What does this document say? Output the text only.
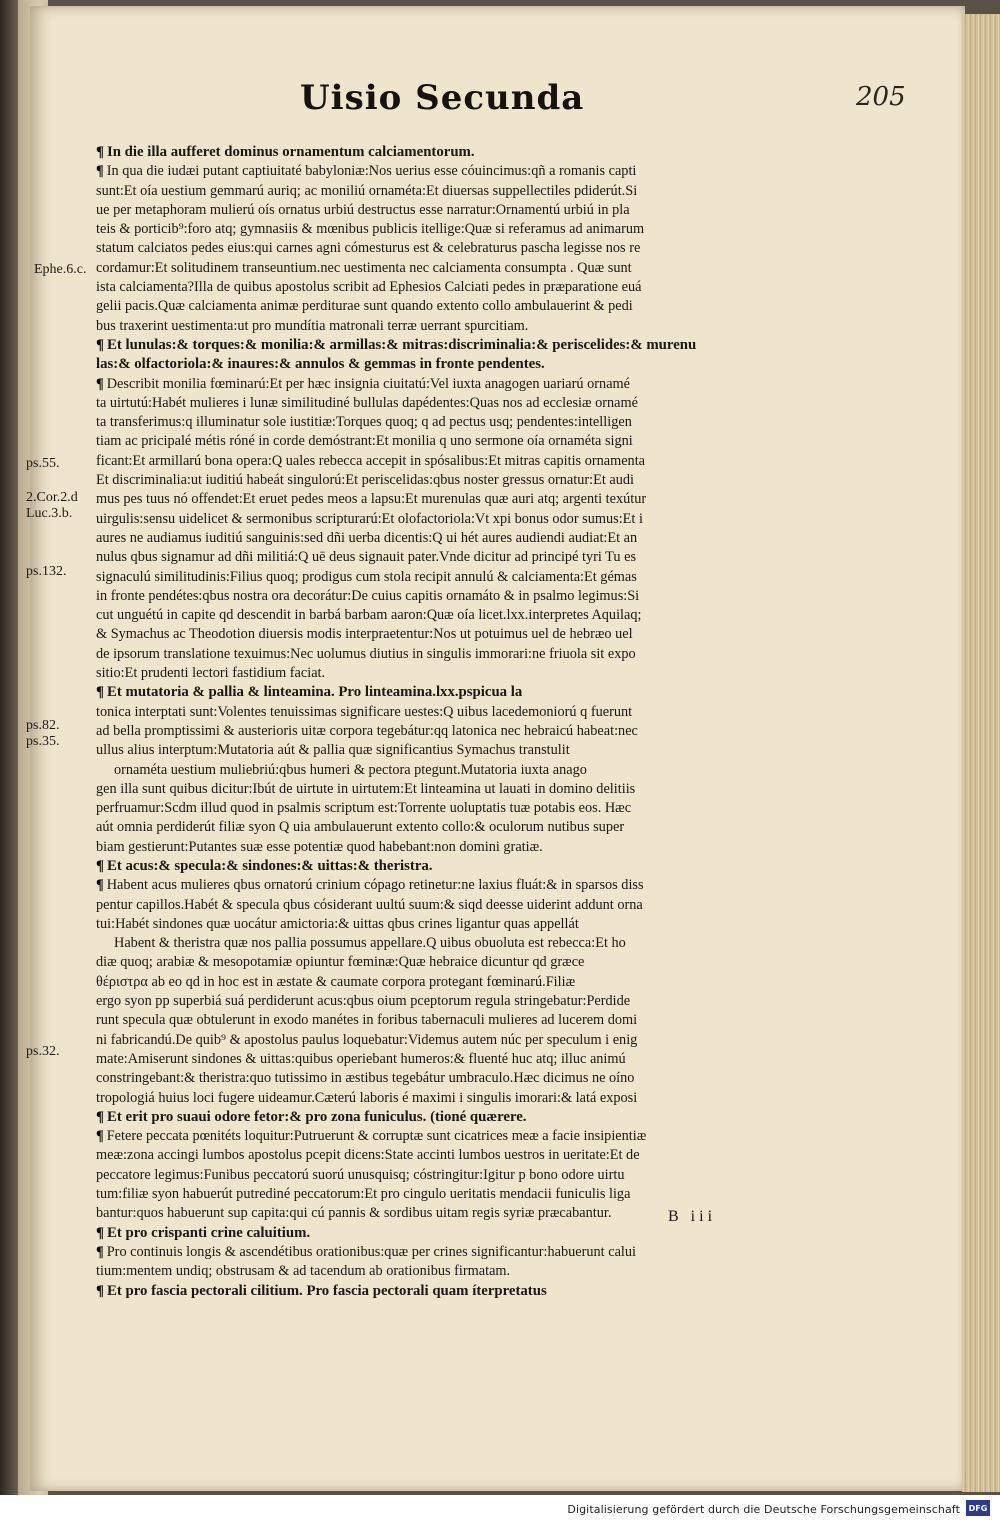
Uisio Secunda	205
Ephe.6.c.
ps.55.
2.Cor.2.d
Luc.3.b.
ps.132.
ps.82.
ps.35.
ps.32.
¶ In die illa aufferet dominus ornamentum calciamentorum.
¶ In qua die iudæi putant captiuitaté babyloniæ:Nos uerius esse cóuincimus:qñ a romanis capti
sunt:Et oía uestium gemmarú auriq; ac moniliú ornaméta:Et diuersas suppellectiles pdiderút.Si
ue per metaphoram mulierú oís ornatus urbiú destructus esse narratur:Ornamentú urbiú in pla
teis & porticib⁹:foro atq; gymnasiis & mœnibus publicis itellige:Quæ si referamus ad animarum
statum calciatos pedes eius:qui carnes agni cómesturus est & celebraturus pascha legisse nos re
cordamur:Et solitudinem transeuntium.nec uestimenta nec calciamenta consumpta . Quæ sunt
ista calciamenta?Illa de quibus apostolus scribit ad Ephesios Calciati pedes in præparatione euá
gelii pacis.Quæ calciamenta animæ perditurae sunt quando extento collo ambulauerint & pedi
bus traxerint uestimenta:ut pro mundítia matronali terræ uerrant spurcitiam.
¶ Et lunulas:& torques:& monilia:& armillas:& mitras:discriminalia:& periscelides:& murenu
las:& olfactoriola:& inaures:& annulos & gemmas in fronte pendentes.
¶ Describit monilia fœminarú:Et per hæc insignia ciuitatú:Vel iuxta anagogen uariarú ornamé
ta uirtutú:Habét mulieres i lunæ similitudiné bullulas dapédentes:Quas nos ad ecclesiæ ornamé
ta transferimus:q illuminatur sole iustitiæ:Torques quoq; q ad pectus usq; pendentes:intelligen
tiam ac pricipalé métis róné in corde demóstrant:Et monilia q uno sermone oía ornaméta signi
ficant:Et armillarú bona opera:Q uales rebecca accepit in spósalibus:Et mitras capitis ornamenta
Et discriminalia:ut iuditiú habeát singulorú:Et periscelidas:qbus noster gressus ornatur:Et audi
mus pes tuus nó offendet:Et eruet pedes meos a lapsu:Et murenulas quæ auri atq; argenti texútur
uirgulis:sensu uidelicet & sermonibus scripturarú:Et olofactoriola:Vt xpi bonus odor sumus:Et i
aures ne audiamus iuditiú sanguinis:sed dñi uerba dicentis:Q ui hét aures audiendi audiat:Et an
nulus qbus signamur ad dñi militiá:Q uē deus signauit pater.Vnde dicitur ad principé tyri Tu es
signaculú similitudinis:Filius quoq; prodigus cum stola recipit annulú & calciamenta:Et gémas
in fronte pendétes:qbus nostra ora decorátur:De cuius capitis ornamáto & in psalmo legimus:Si
cut unguétú in capite qd descendit in barbá barbam aaron:Quæ oía licet.lxx.interpretes Aquilaq;
& Symachus ac Theodotion diuersis modis interpraetentur:Nos ut potuimus uel de hebræo uel
de ipsorum translatione texuimus:Nec uolumus diutius in singulis immorari:ne friuola sit expo
sitio:Et prudenti lectori fastidium faciat.
¶ Et mutatoria & pallia & linteamina. Pro linteamina.lxx.pspicua la
tonica interptati sunt:Volentes tenuissimas significare uestes:Q uibus lacedemoniorú q fuerunt
ad bella promptissimi & austerioris uitæ corpora tegebátur:qq latonica nec hebraicú habeat:nec
ullus alius interptum:Mutatoria aút & pallia quæ significantius Symachus transtulit
ornaméta uestium muliebriú:qbus humeri & pectora ptegunt.Mutatoria iuxta anago
gen illa sunt quibus dicitur:Ibút de uirtute in uirtutem:Et linteamina ut lauati in domino delitiis
perfruamur:Scdm illud quod in psalmis scriptum est:Torrente uoluptatis tuæ potabis eos. Hæc
aút omnia perdiderút filiæ syon Q uia ambulauerunt extento collo:& oculorum nutibus super
biam gestierunt:Putantes suæ esse potentiæ quod habebant:non domini gratiæ.
¶ Et acus:& specula:& sindones:& uittas:& theristra.
¶ Habent acus mulieres qbus ornatorú crinium cópago retinetur:ne laxius fluát:& in sparsos diss
pentur capillos.Habét & specula qbus cósiderant uultú suum:& siqd deesse uiderint addunt orna
tui:Habét sindones quæ uocátur amictoria:& uittas qbus crines ligantur quas appellát
Habent & theristra quæ nos pallia possumus appellare.Q uibus obuoluta est rebecca:Et ho
diæ quoq; arabiæ & mesopotamiæ opiuntur fœminæ:Quæ hebraice dicuntur qd græce
θέριστρα ab eo qd in hoc est in æstate & caumate corpora protegant fœminarú.Filiæ
ergo syon pp superbiá suá perdiderunt acus:qbus oium pceptorum regula stringebatur:Perdide
runt specula quæ obtulerunt in exodo manétes in foribus tabernaculi mulieres ad lucerem domi
ni fabricandú.De quib⁹ & apostolus paulus loquebatur:Videmus autem núc per speculum i enig
mate:Amiserunt sindones & uittas:quibus operiebant humeros:& fluenté huc atq; illuc animú
constringebant:& theristra:quo tutissimo in æstibus tegebátur umbraculo.Hæc dicimus ne oíno
tropologiá huius loci fugere uideamur.Cæterú laboris é maximi i singulis imorari:& latá exposi
¶ Et erit pro suaui odore fetor:& pro zona funiculus. (tioné quærere.
¶ Fetere peccata pœnitéts loquitur:Putruerunt & corruptæ sunt cicatrices meæ a facie insipientiæ
meæ:zona accingi lumbos apostolus pcepit dicens:State accinti lumbos uestros in ueritate:Et de
peccatore legimus:Funibus peccatorú suorú unusquisq; cóstringitur:Igitur p bono odore uirtu
tum:filiæ syon habuerút putrediné peccatorum:Et pro cingulo ueritatis mendacii funiculis liga
bantur:quos habuerunt sup capita:qui cú pannis & sordibus uitam regis syriæ præcabantur.
¶ Et pro crispanti crine caluitium.
¶ Pro continuis longis & ascendétibus orationibus:quæ per crines significantur:habuerunt calui
tium:mentem undiq; obstrusam & ad tacendum ab orationibus firmatam.
¶ Et pro fascia pectorali cilitium. Pro fascia pectorali quam íterpretatus
B iii
Digitalisierung gefördert durch die Deutsche Forschungsgemeinschaft	DFG
